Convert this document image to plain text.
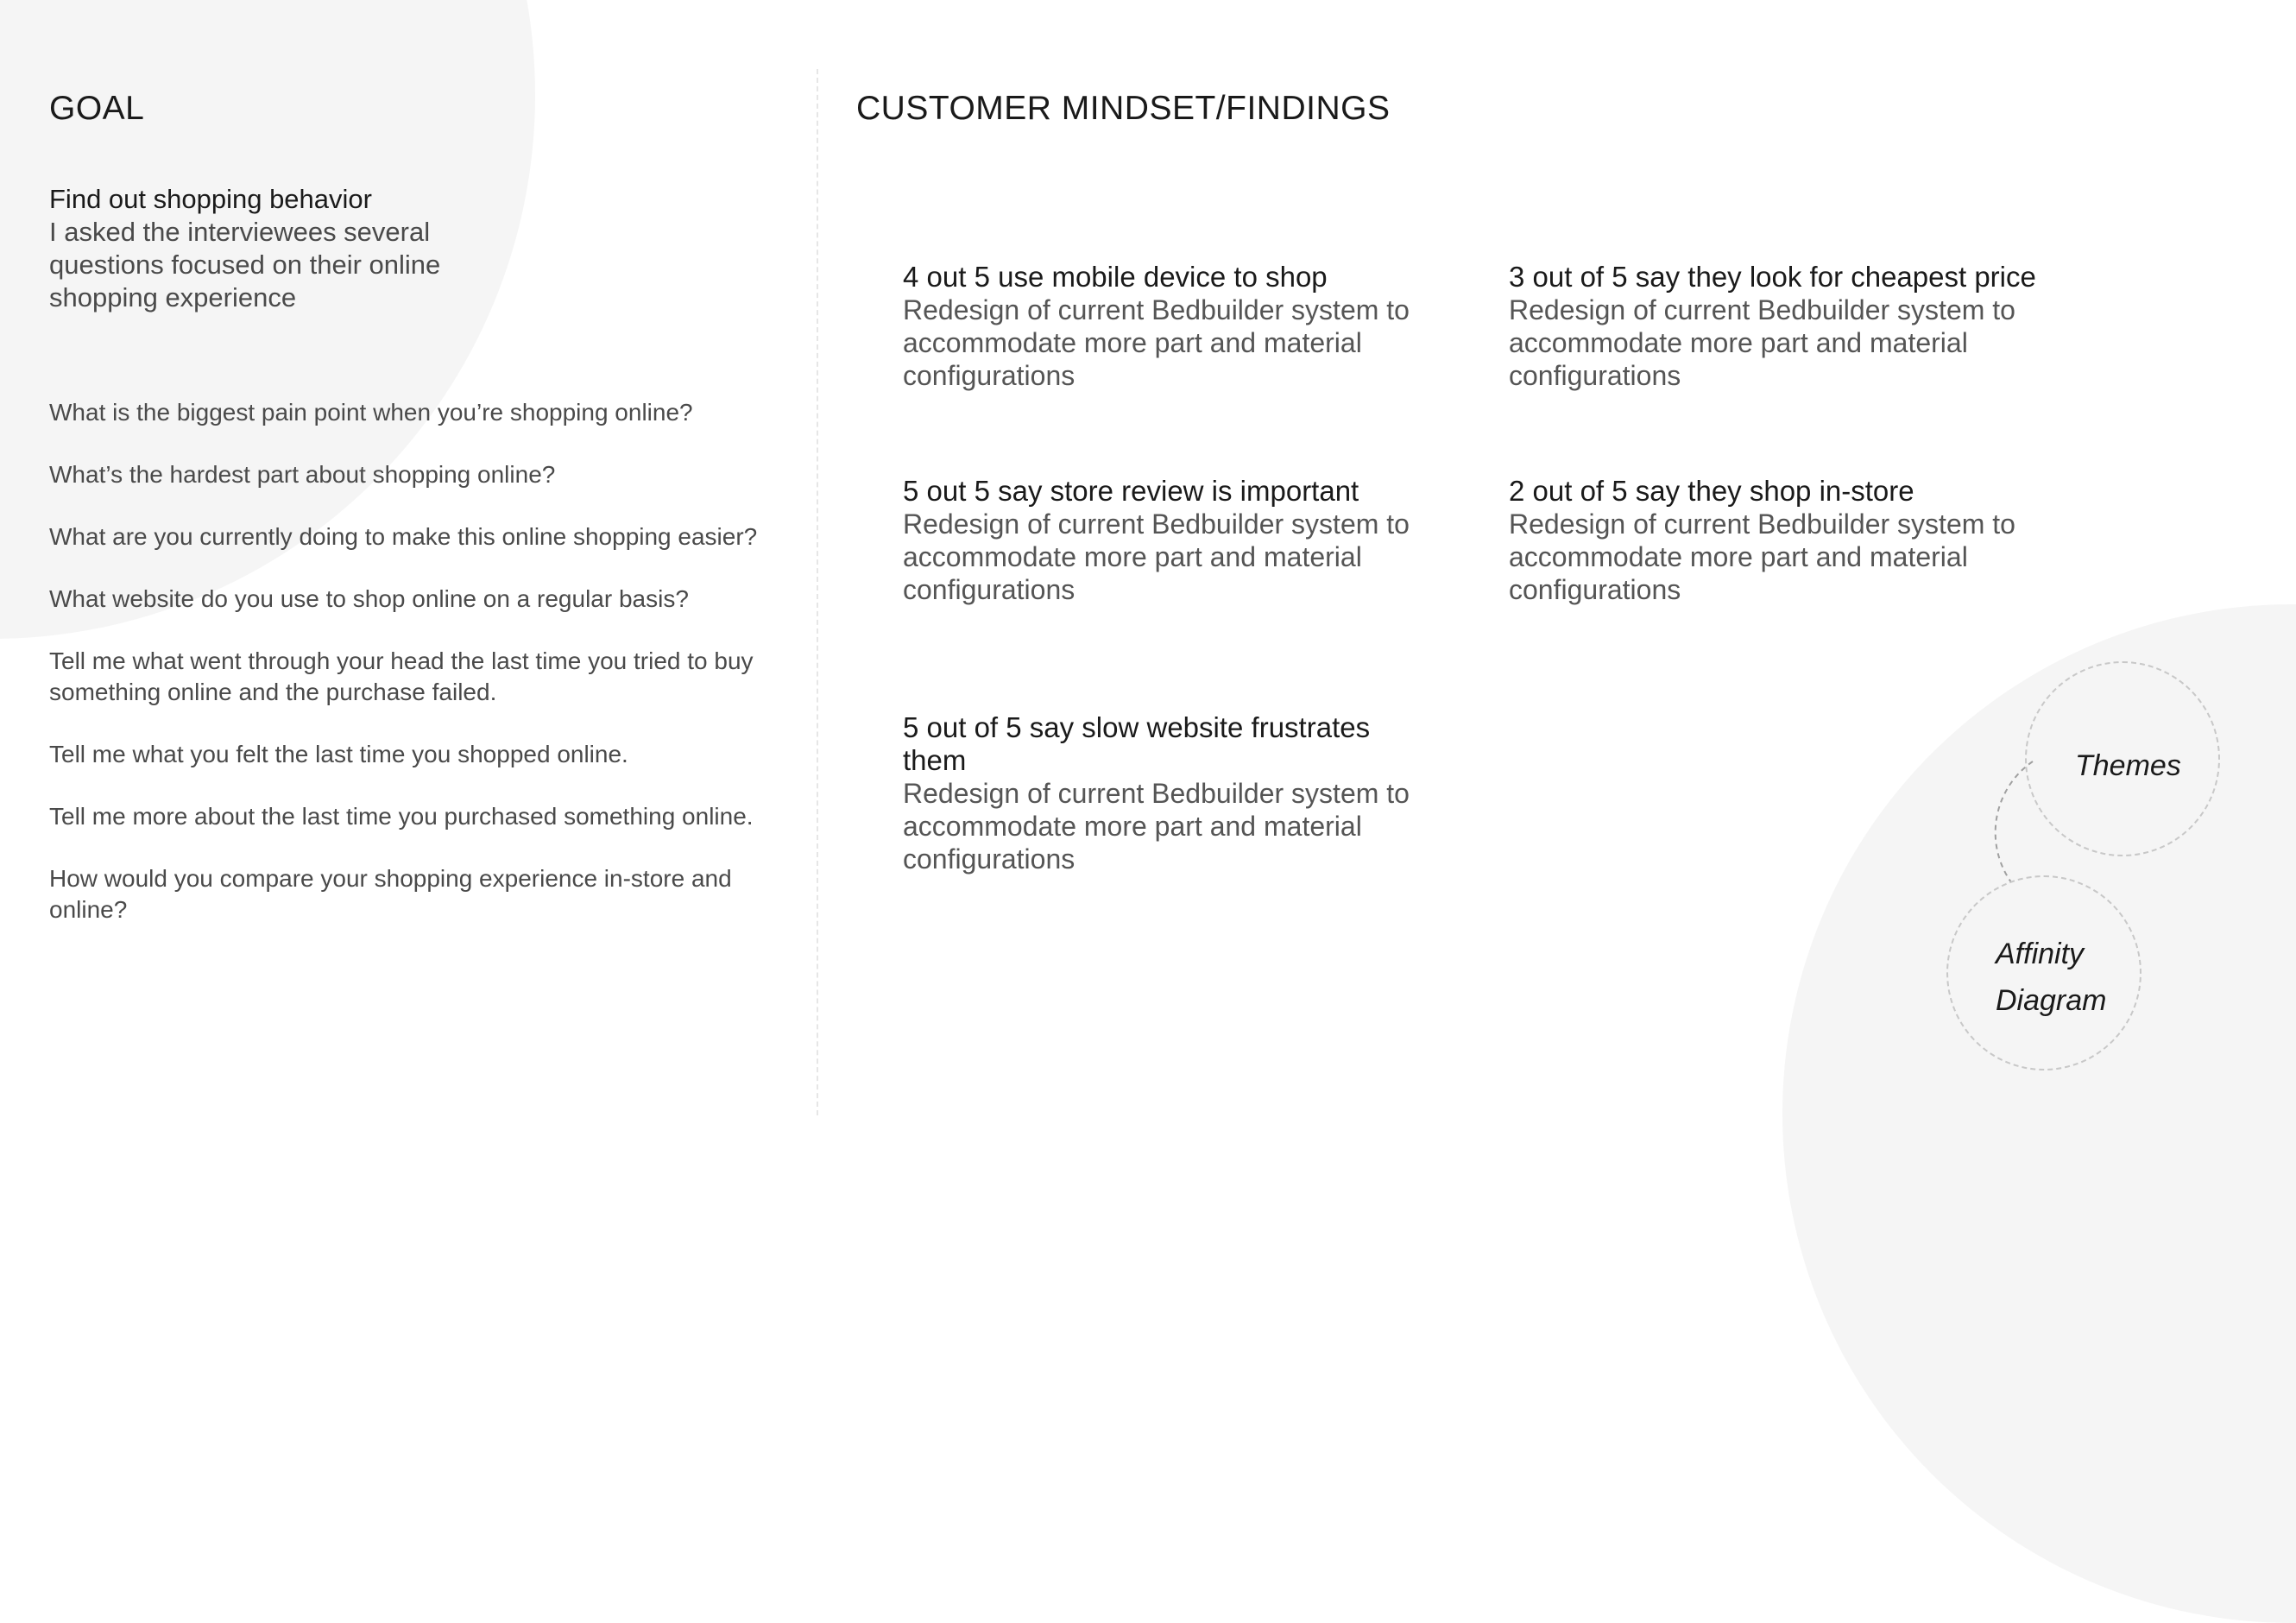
GOAL
Find out shopping behavior
I asked the interviewees several questions focused on their online shopping experience

What is the biggest pain point when you’re shopping online?

What’s the hardest part about shopping online?

What are you currently doing to make this online shopping easier?

What website do you use to shop online on a regular basis?

Tell me what went through your head the last time you tried to buy something online and the purchase failed.

Tell me what you felt the last time you shopped online.

Tell me more about the last time you purchased something online.

How would you compare your shopping experience in-store and online?

CUSTOMER MINDSET/FINDINGS
4 out 5 use mobile device to shop
Redesign of current Bedbuilder system to accommodate more part and material configurations
3 out of 5 say they look for cheapest price
Redesign of current Bedbuilder system to accommodate more part and material configurations
5 out 5 say store review is important
Redesign of current Bedbuilder system to accommodate more part and material configurations
2 out of 5 say they shop in-store
Redesign of current Bedbuilder system to accommodate more part and material configurations
5 out of 5 say slow website frustrates them
Redesign of current Bedbuilder system to accommodate more part and material configurations
Themes
Affinity Diagram
